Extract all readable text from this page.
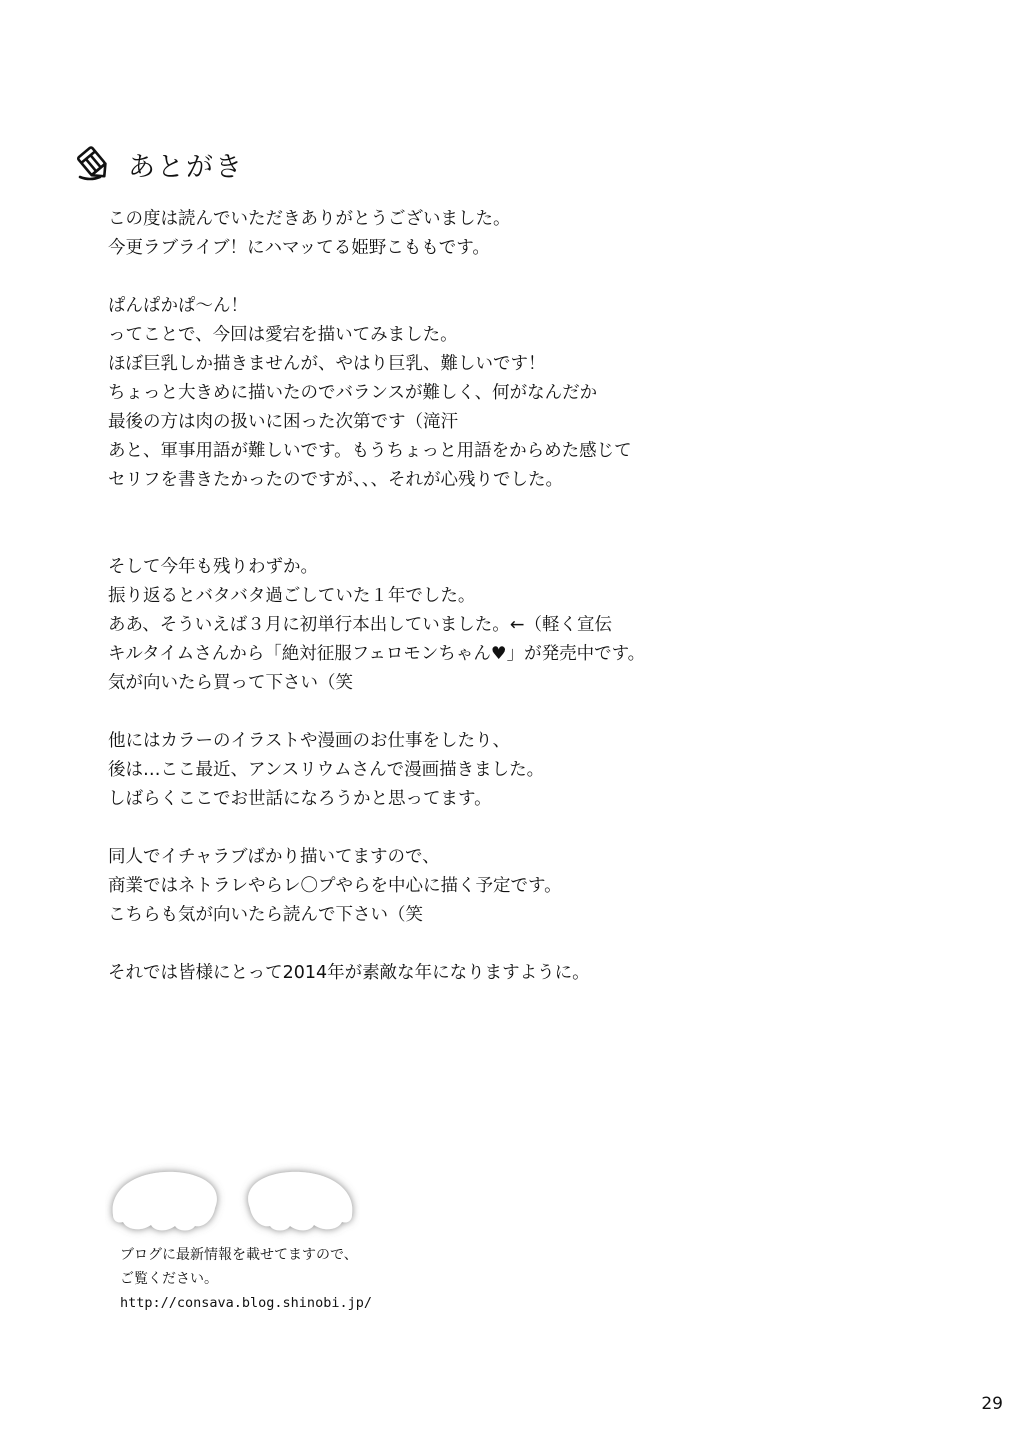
あとがき
この度は読んでいただきありがとうございました。
今更ラブライブ！にハマッてる姫野こももです。
ぱんぱかぱ～ん！
ってことで、今回は愛宕を描いてみました。
ほぼ巨乳しか描きませんが、やはり巨乳、難しいです！
ちょっと大きめに描いたのでバランスが難しく、何がなんだか
最後の方は肉の扱いに困った次第です（滝汗
あと、軍事用語が難しいです。もうちょっと用語をからめた感じて
セリフを書きたかったのですが、、、それが心残りでした。
そして今年も残りわずか。
振り返るとバタバタ過ごしていた１年でした。
ああ、そういえば３月に初単行本出していました。←（軽く宣伝
キルタイムさんから「絶対征服フェロモンちゃん♥」が発売中です。
気が向いたら買って下さい（笑
他にはカラーのイラストや漫画のお仕事をしたり、
後は…ここ最近、アンスリウムさんで漫画描きました。
しばらくここでお世話になろうかと思ってます。
同人でイチャラブばかり描いてますので、
商業ではネトラレやらレ〇プやらを中心に描く予定です。
こちらも気が向いたら読んで下さい（笑
それでは皆様にとって2014年が素敵な年になりますように。
ブログに最新情報を載せてますので、
ご覧ください。
http://consava.blog.shinobi.jp/
29
